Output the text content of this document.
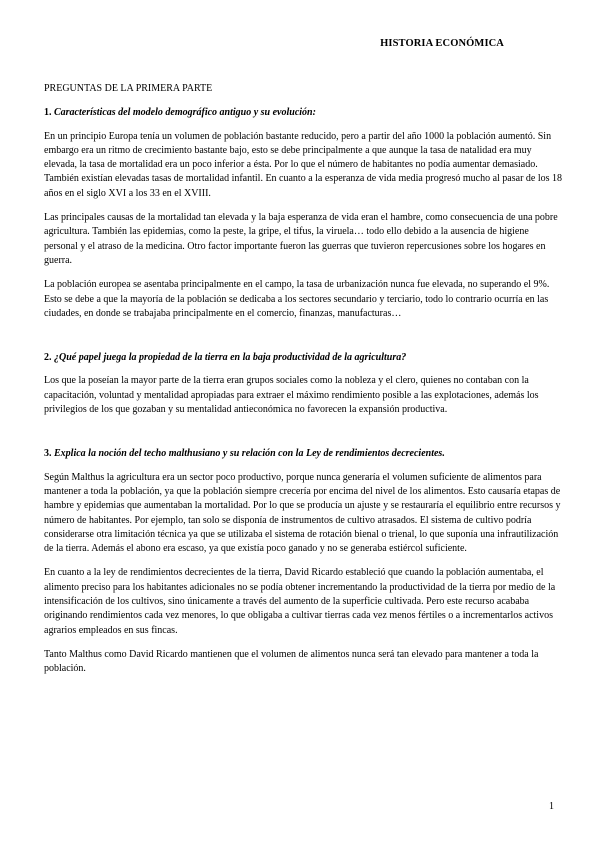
HISTORIA ECONÓMICA
PREGUNTAS DE LA PRIMERA PARTE
1. Características del modelo demográfico antiguo y su evolución:

En un principio Europa tenía un volumen de población bastante reducido, pero a partir del año 1000 la población aumentó. Sin embargo era un ritmo de crecimiento bastante bajo, esto se debe principalmente a que aunque la tasa de natalidad era muy elevada, la tasa de mortalidad era un poco inferior a ésta. Por lo que el número de habitantes no podía aumentar demasiado. También existían elevadas tasas de mortalidad infantil. En cuanto a la esperanza de vida media progresó mucho al pasar de los 18 años en el siglo XVI a los 33 en el XVIII.

Las principales causas de la mortalidad tan elevada y la baja esperanza de vida eran el hambre, como consecuencia de una pobre agricultura. También las epidemias, como la peste, la gripe, el tifus, la viruela… todo ello debido a la ausencia de higiene personal y el atraso de la medicina. Otro factor importante fueron las guerras que tuvieron repercusiones sobre los hogares en guerra.

La población europea se asentaba principalmente en el campo, la tasa de urbanización nunca fue elevada, no superando el 9%. Esto se debe a que la mayoría de la población se dedicaba a los sectores secundario y terciario, todo lo contrario ocurría en las ciudades, en donde se trabajaba principalmente en el comercio, finanzas, manufacturas…

2. ¿Qué papel juega la propiedad de la tierra en la baja productividad de la agricultura?

Los que la poseían la mayor parte de la tierra eran grupos sociales como la nobleza y el clero, quienes no contaban con la capacitación, voluntad y mentalidad apropiadas para extraer el máximo rendimiento posible a las explotaciones, además los privilegios de los que gozaban y su mentalidad antieconómica no favorecen la expansión productiva.

3. Explica la noción del techo malthusiano y su relación con la Ley de rendimientos decrecientes.

Según Malthus la agricultura era un sector poco productivo, porque nunca generaría el volumen suficiente de alimentos para mantener a toda la población, ya que la población siempre crecería por encima del nivel de los alimentos. Esto causaría etapas de hambre y epidemias que aumentaban la mortalidad. Por lo que se producía un ajuste y se restauraría el equilibrio entre recursos y número de habitantes. Por ejemplo, tan solo se disponía de instrumentos de cultivo atrasados. El sistema de cultivo podría considerarse otra limitación técnica ya que se utilizaba el sistema de rotación bienal o trienal, lo que suponía una infrautilización de la tierra. Además el abono era escaso, ya que existía poco ganado y no se generaba estiércol suficiente.

En cuanto a la ley de rendimientos decrecientes de la tierra, David Ricardo estableció que cuando la población aumentaba, el alimento preciso para los habitantes adicionales no se podía obtener incrementando la productividad de la tierra por medio de la intensificación de los cultivos, sino únicamente a través del aumento de la superficie cultivada. Pero este recurso acababa originando rendimientos cada vez menores, lo que obligaba a cultivar tierras cada vez menos fértiles o a incrementarlos activos agrarios empleados en sus fincas.

Tanto Malthus como David Ricardo mantienen que el volumen de alimentos nunca será tan elevado para mantener a toda la población.

1
